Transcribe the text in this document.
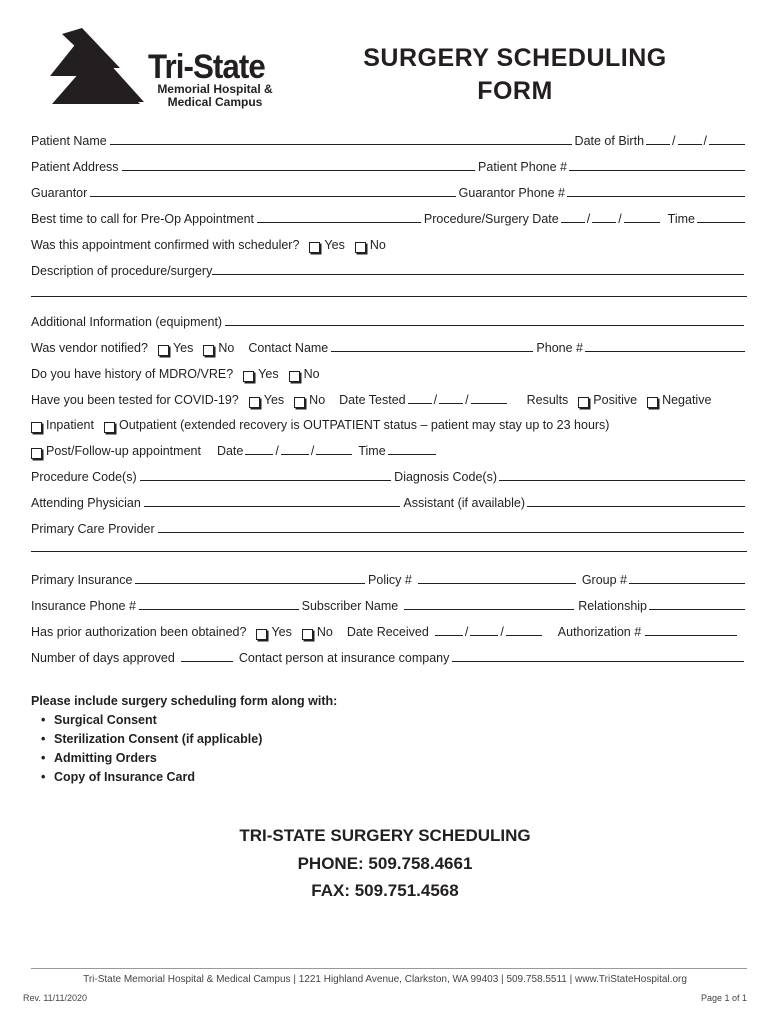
Tri-State
Memorial Hospital &
Medical Campus
SURGERY SCHEDULING
FORM
Patient Name	Date of Birth / /
Patient Address	Patient Phone #
Guarantor	Guarantor Phone #
Best time to call for Pre-Op Appointment	Procedure/Surgery Date / /	Time
Was this appointment confirmed with scheduler? Yes No
Description of procedure/surgery
Additional Information (equipment)
Was vendor notified? Yes No Contact Name	Phone #
Do you have history of MDRO/VRE? Yes No
Have you been tested for COVID-19? Yes No Date Tested / /	Results Positive Negative
Inpatient Outpatient (extended recovery is OUTPATIENT status – patient may stay up to 23 hours)
Post/Follow-up appointment Date	/	/	Time
Procedure Code(s)	Diagnosis Code(s)
Attending Physician	Assistant (if available)
Primary Care Provider
Primary Insurance	Policy #	Group #
Insurance Phone #	Subscriber Name	Relationship
Has prior authorization been obtained? Yes No Date Received	/	/	Authorization #
Number of days approved	Contact person at insurance company
Please include surgery scheduling form along with:
• Surgical Consent
• Sterilization Consent (if applicable)
• Admitting Orders
• Copy of Insurance Card
TRI-STATE SURGERY SCHEDULING
PHONE: 509.758.4661
FAX: 509.751.4568
Tri-State Memorial Hospital & Medical Campus | 1221 Highland Avenue, Clarkston, WA 99403 | 509.758.5511 | www.TriStateHospital.org
Rev. 11/11/2020	Page 1 of 1
